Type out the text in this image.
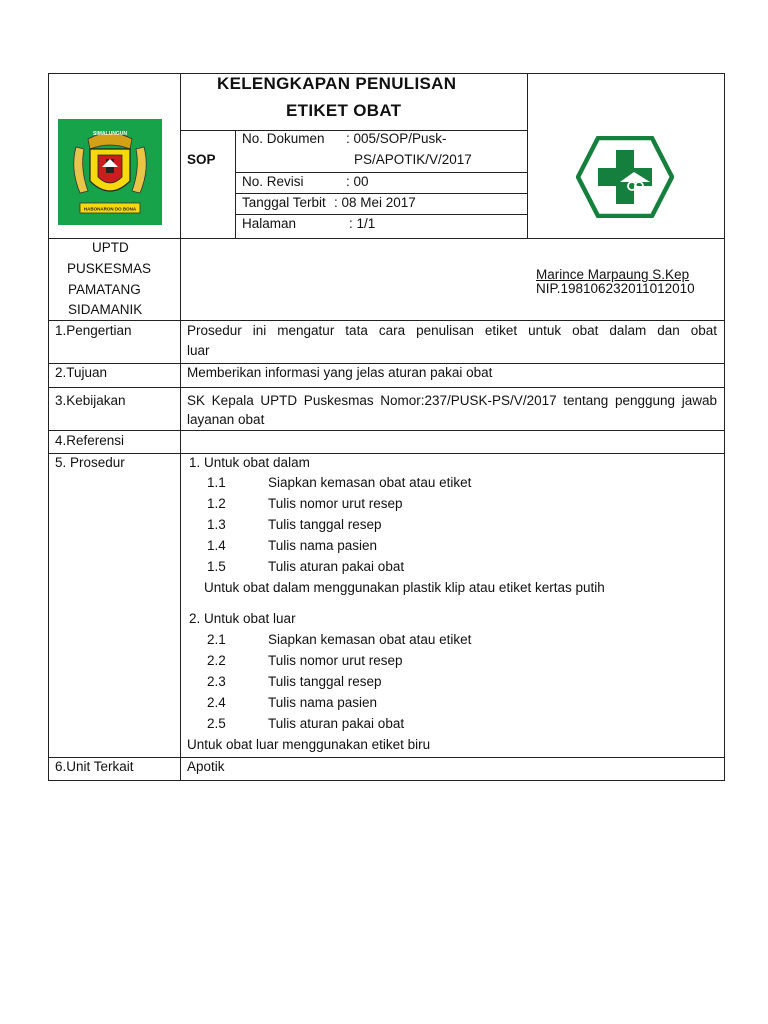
SIMALUNGUN
HABONARON DO BONA
KELENGKAPAN PENULISAN
ETIKET OBAT
SOP
No. Dokumen : 005/SOP/Pusk-
PS/APOTIK/V/2017
No. Revisi	: 00
Tanggal Terbit : 08 Mei 2017
Halaman	: 1/1
UPTD
PUSKESMAS
PAMATANG
SIDAMANIK
Marince Marpaung S.Kep
NIP.19810623201101201​0
1.Pengertian	Prosedur ini mengatur tata cara penulisan etiket untuk obat dalam dan obat
luar
2.Tujuan	Memberikan informasi yang jelas aturan pakai obat
3.Kebijakan	SK Kepala UPTD Puskesmas Nomor:237/PUSK-PS/V/2017 tentang penggung jawab
layanan obat
4.Referensi
5. Prosedur	1. Untuk obat dalam
1.1	Siapkan kemasan obat atau etiket
1.2	Tulis nomor urut resep
1.3	Tulis tanggal resep
1.4	Tulis nama pasien
1.5	Tulis aturan pakai obat
Untuk obat dalam menggunakan plastik klip atau etiket kertas putih
2. Untuk obat luar
2.1	Siapkan kemasan obat atau etiket
2.2	Tulis nomor urut resep
2.3	Tulis tanggal resep
2.4	Tulis nama pasien
2.5	Tulis aturan pakai obat
Untuk obat luar menggunakan etiket biru
6.Unit Terkait	Apotik
